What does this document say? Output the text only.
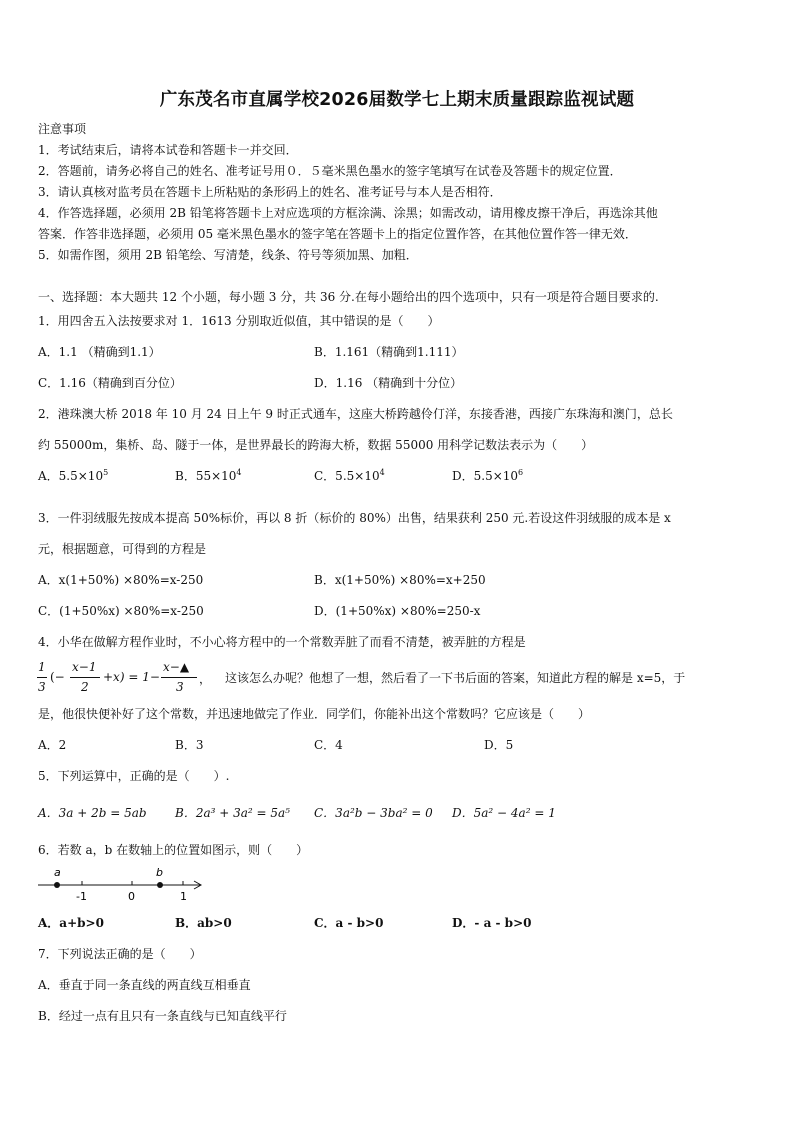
广东茂名市直属学校2026届数学七上期末质量跟踪监视试题
注意事项
1．考试结束后，请将本试卷和答题卡一并交回．
2．答题前，请务必将自己的姓名、准考证号用０．５毫米黑色墨水的签字笔填写在试卷及答题卡的规定位置．
3．请认真核对监考员在答题卡上所粘贴的条形码上的姓名、准考证号与本人是否相符．
4．作答选择题，必须用 2B 铅笔将答题卡上对应选项的方框涂满、涂黑；如需改动，请用橡皮擦干净后，再选涂其他
答案．作答非选择题，必须用 05 毫米黑色墨水的签字笔在答题卡上的指定位置作答，在其他位置作答一律无效．
5．如需作图，须用 2B 铅笔绘、写清楚，线条、符号等须加黑、加粗．
一、选择题：本大题共 12 个小题，每小题 3 分，共 36 分.在每小题给出的四个选项中，只有一项是符合题目要求的.
1．用四舍五入法按要求对 1．1613 分别取近似值，其中错误的是（　　）
A．1.1 （精确到1.1）	B．1.161（精确到1.111）
C．1.16（精确到百分位）	D．1.16 （精确到十分位）
2．港珠澳大桥 2018 年 10 月 24 日上午 9 时正式通车，这座大桥跨越伶仃洋，东接香港，西接广东珠海和澳门，总长
约 55000m，集桥、岛、隧于一体，是世界最长的跨海大桥，数据 55000 用科学记数法表示为（　　）
A．$5.5\times 10^5$	B．$55\times 10^4$	C．$5.5\times 10^4$	D．$5.5\times 10^6$
3．一件羽绒服先按成本提高 50%标价，再以 8 折（标价的 80%）出售，结果获利 250 元.若设这件羽绒服的成本是 x
元，根据题意，可得到的方程是
A．x(1+50%) ×80%=x-250	B．x(1+50%) ×80%=x+250
C．(1+50%x) ×80%=x-250	D．(1+50%x) ×80%=250-x
4．小华在做解方程作业时，不小心将方程中的一个常数弄脏了而看不清楚，被弄脏的方程是
1
3
(−
x−1
2
+x) = 1−
x−▲
3
， 这该怎么办呢？他想了一想，然后看了一下书后面的答案，知道此方程的解是 x=5，于
是，他很快便补好了这个常数，并迅速地做完了作业．同学们，你能补出这个常数吗？它应该是（　　）
A．2	B．3	C．4	D．5
5．下列运算中，正确的是（　　）.
A．3a + 2b = 5ab B．2a³ + 3a² = 5a⁵ C．3a²b − 3ba² = 0 D．5a² − 4a² = 1
6．若数 a，b 在数轴上的位置如图示，则（　　）
a	b
-1	0	1
A．a+b>0	B．ab>0	C．a - b>0	D．- a - b>0
7．下列说法正确的是（　　）
A．垂直于同一条直线的两直线互相垂直
B．经过一点有且只有一条直线与已知直线平行
